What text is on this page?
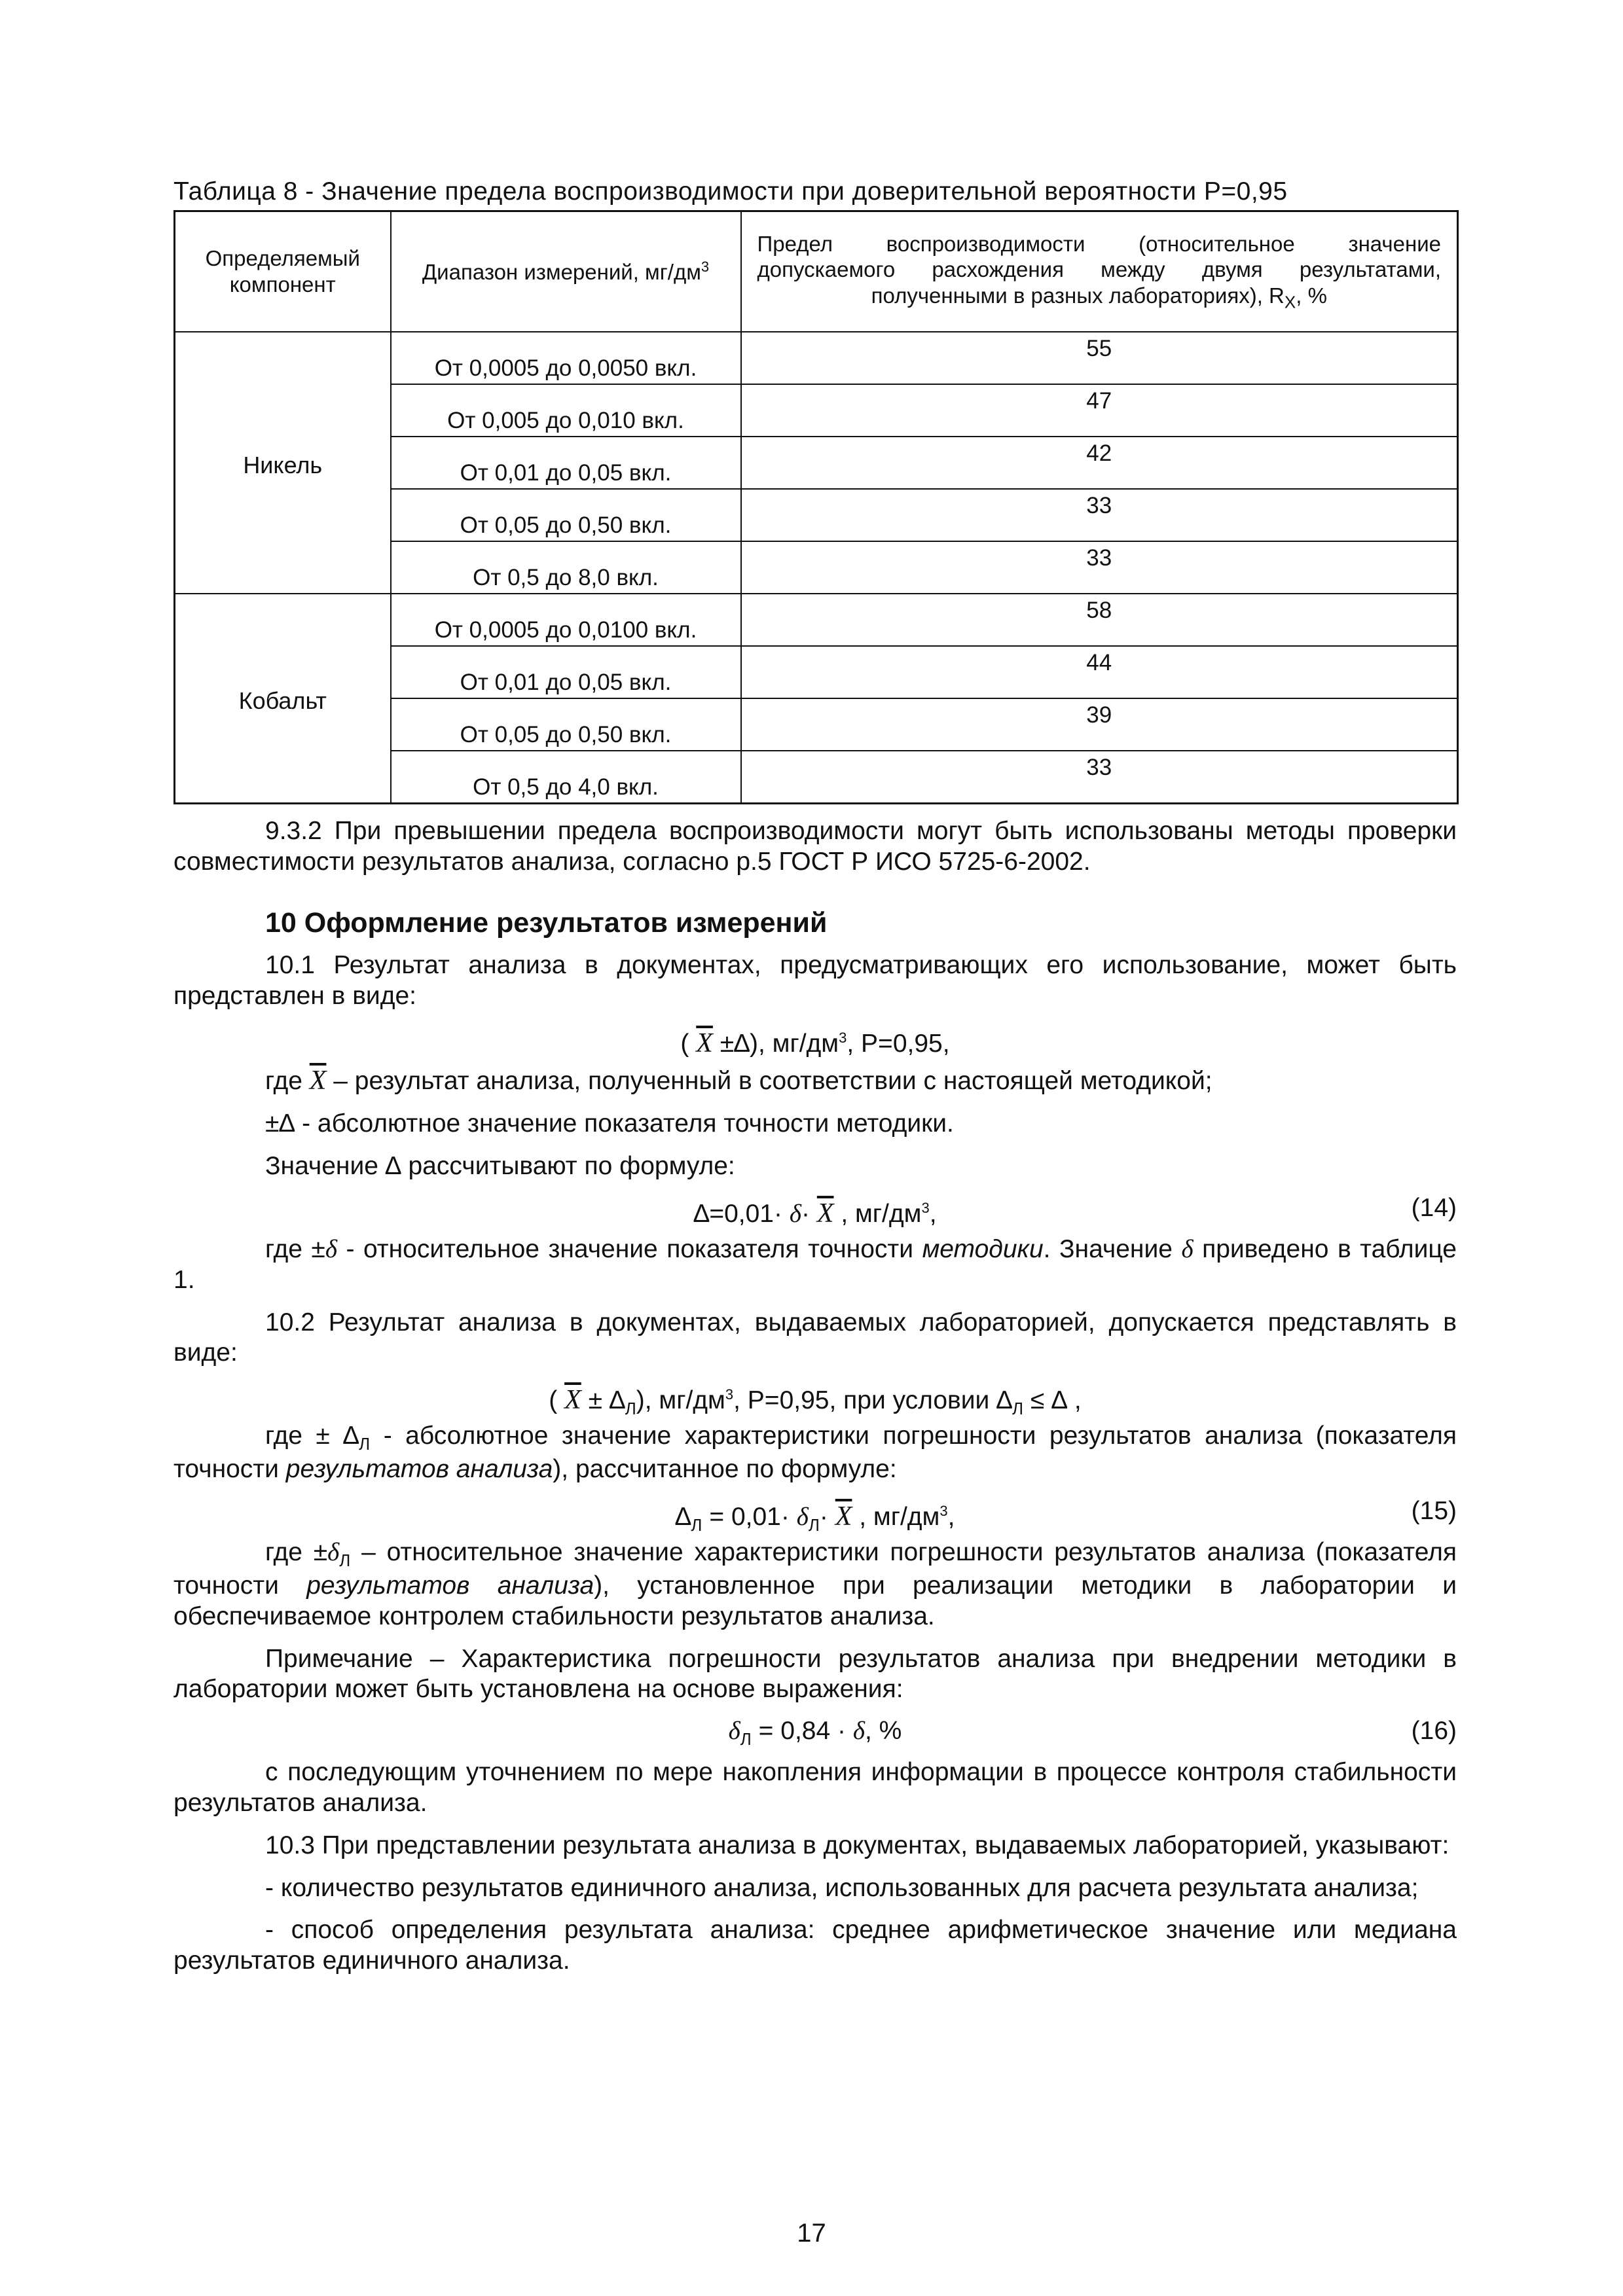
Таблица 8 - Значение предела воспроизводимости при доверительной вероятности Р=0,95
Определяемый компонент	Диапазон измерений, $мг/дм^3$	Предел воспроизводимости (относительное значение допускаемого расхождения между двумя результатами, полученными в разных лабораториях), $R_X$, %

Никель	От 0,0005 до 0,0050 вкл.	55
	От 0,005 до 0,010 вкл.	47
	От 0,01 до 0,05 вкл.	42
	От 0,05 до 0,50 вкл.	33
	От 0,5 до 8,0 вкл.	33
Кобальт	От 0,0005 до 0,0100 вкл.	58
	От 0,01 до 0,05 вкл.	44
	От 0,05 до 0,50 вкл.	39
	От 0,5 до 4,0 вкл.	33

9.3.2 При превышении предела воспроизводимости могут быть использованы методы проверки совместимости результатов анализа, согласно р.5 ГОСТ Р ИСО 5725-6-2002.

10 Оформление результатов измерений

10.1 Результат анализа в документах, предусматривающих его использование, может быть представлен в виде:

( $\overline{X}$ ±∆), $мг/дм^3$, Р=0,95,

где $\overline{X}$ – результат анализа, полученный в соответствии с настоящей методикой;

±∆ - абсолютное значение показателя точности методики.

Значение ∆ рассчитывают по формуле:

$\Delta=0,01\cdot \delta\cdot \overline{X}$ , $мг/дм^3$,	(14)

где ±δ - относительное значение показателя точности методики. Значение δ приведено в таблице 1.

10.2 Результат анализа в документах, выдаваемых лабораторией, допускается представлять в виде:

( $\overline{X} \pm \Delta_Л$), $мг/дм^3$, Р=0,95, при условии $\Delta_Л$ ≤ ∆ ,

где ± $\Delta_Л$ - абсолютное значение характеристики погрешности результатов анализа (показателя точности результатов анализа), рассчитанное по формуле:

$\Delta_Л = 0,01\cdot \delta_Л\cdot \overline{X}$ , $мг/дм^3$,	(15)

где $\pm\delta_Л$ – относительное значение характеристики погрешности результатов анализа (показателя точности результатов анализа), установленное при реализации методики в лаборатории и обеспечиваемое контролем стабильности результатов анализа.

Примечание – Характеристика погрешности результатов анализа при внедрении методики в лаборатории может быть установлена на основе выражения:

$\delta_Л = 0,84 \cdot \delta$, %	(16)

с последующим уточнением по мере накопления информации в процессе контроля стабильности результатов анализа.

10.3 При представлении результата анализа в документах, выдаваемых лабораторией, указывают:

- количество результатов единичного анализа, использованных для расчета результата анализа;

- способ определения результата анализа: среднее арифметическое значение или медиана результатов единичного анализа.

17
